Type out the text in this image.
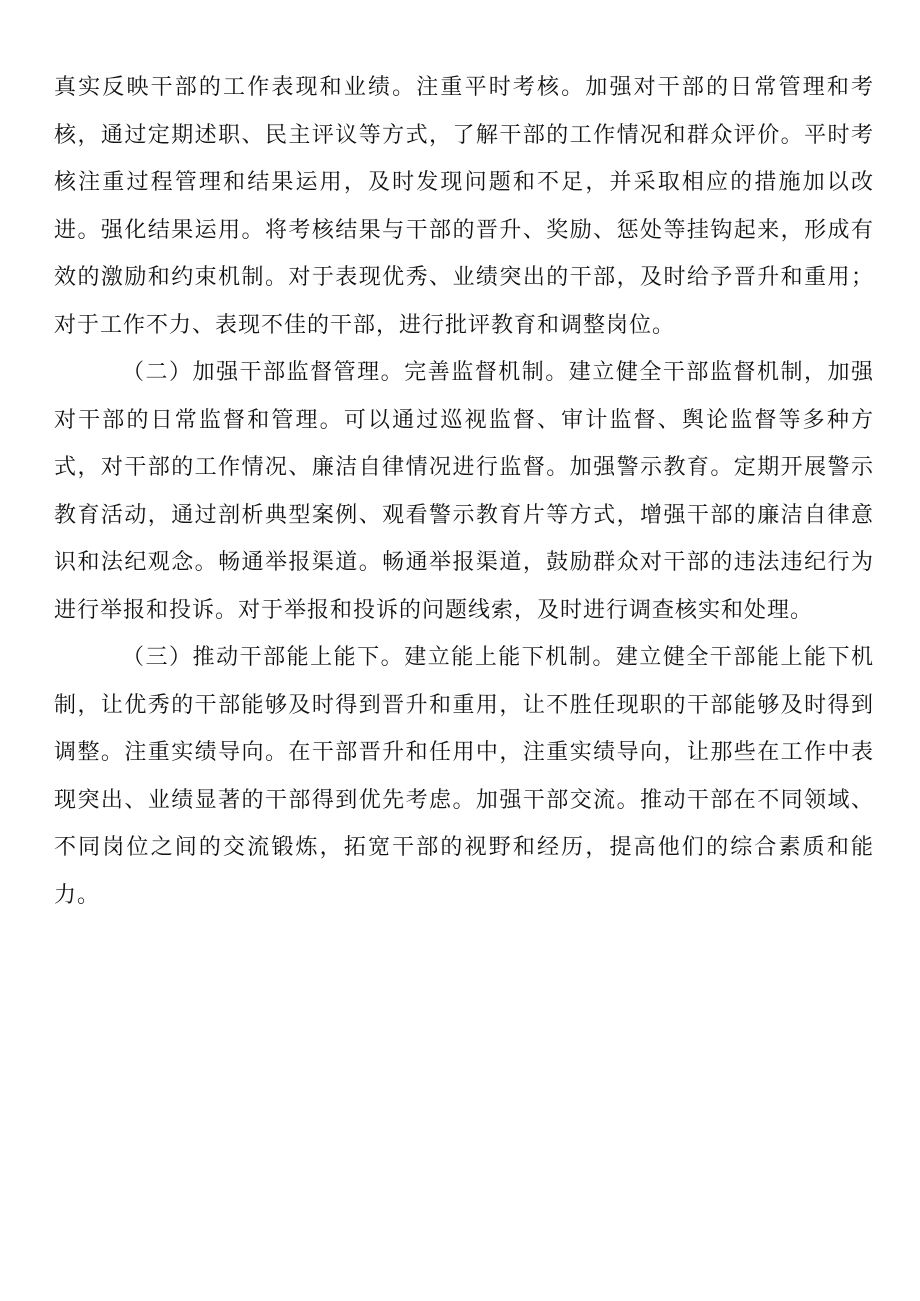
真实反映干部的工作表现和业绩。注重平时考核。加强对干部的日常管理和考核，通过定期述职、民主评议等方式，了解干部的工作情况和群众评价。平时考核注重过程管理和结果运用，及时发现问题和不足，并采取相应的措施加以改进。强化结果运用。将考核结果与干部的晋升、奖励、惩处等挂钩起来，形成有效的激励和约束机制。对于表现优秀、业绩突出的干部，及时给予晋升和重用；对于工作不力、表现不佳的干部，进行批评教育和调整岗位。

（二）加强干部监督管理。完善监督机制。建立健全干部监督机制，加强对干部的日常监督和管理。可以通过巡视监督、审计监督、舆论监督等多种方式，对干部的工作情况、廉洁自律情况进行监督。加强警示教育。定期开展警示教育活动，通过剖析典型案例、观看警示教育片等方式，增强干部的廉洁自律意识和法纪观念。畅通举报渠道。畅通举报渠道，鼓励群众对干部的违法违纪行为进行举报和投诉。对于举报和投诉的问题线索，及时进行调查核实和处理。

（三）推动干部能上能下。建立能上能下机制。建立健全干部能上能下机制，让优秀的干部能够及时得到晋升和重用，让不胜任现职的干部能够及时得到调整。注重实绩导向。在干部晋升和任用中，注重实绩导向，让那些在工作中表现突出、业绩显著的干部得到优先考虑。加强干部交流。推动干部在不同领域、不同岗位之间的交流锻炼，拓宽干部的视野和经历，提高他们的综合素质和能力。
